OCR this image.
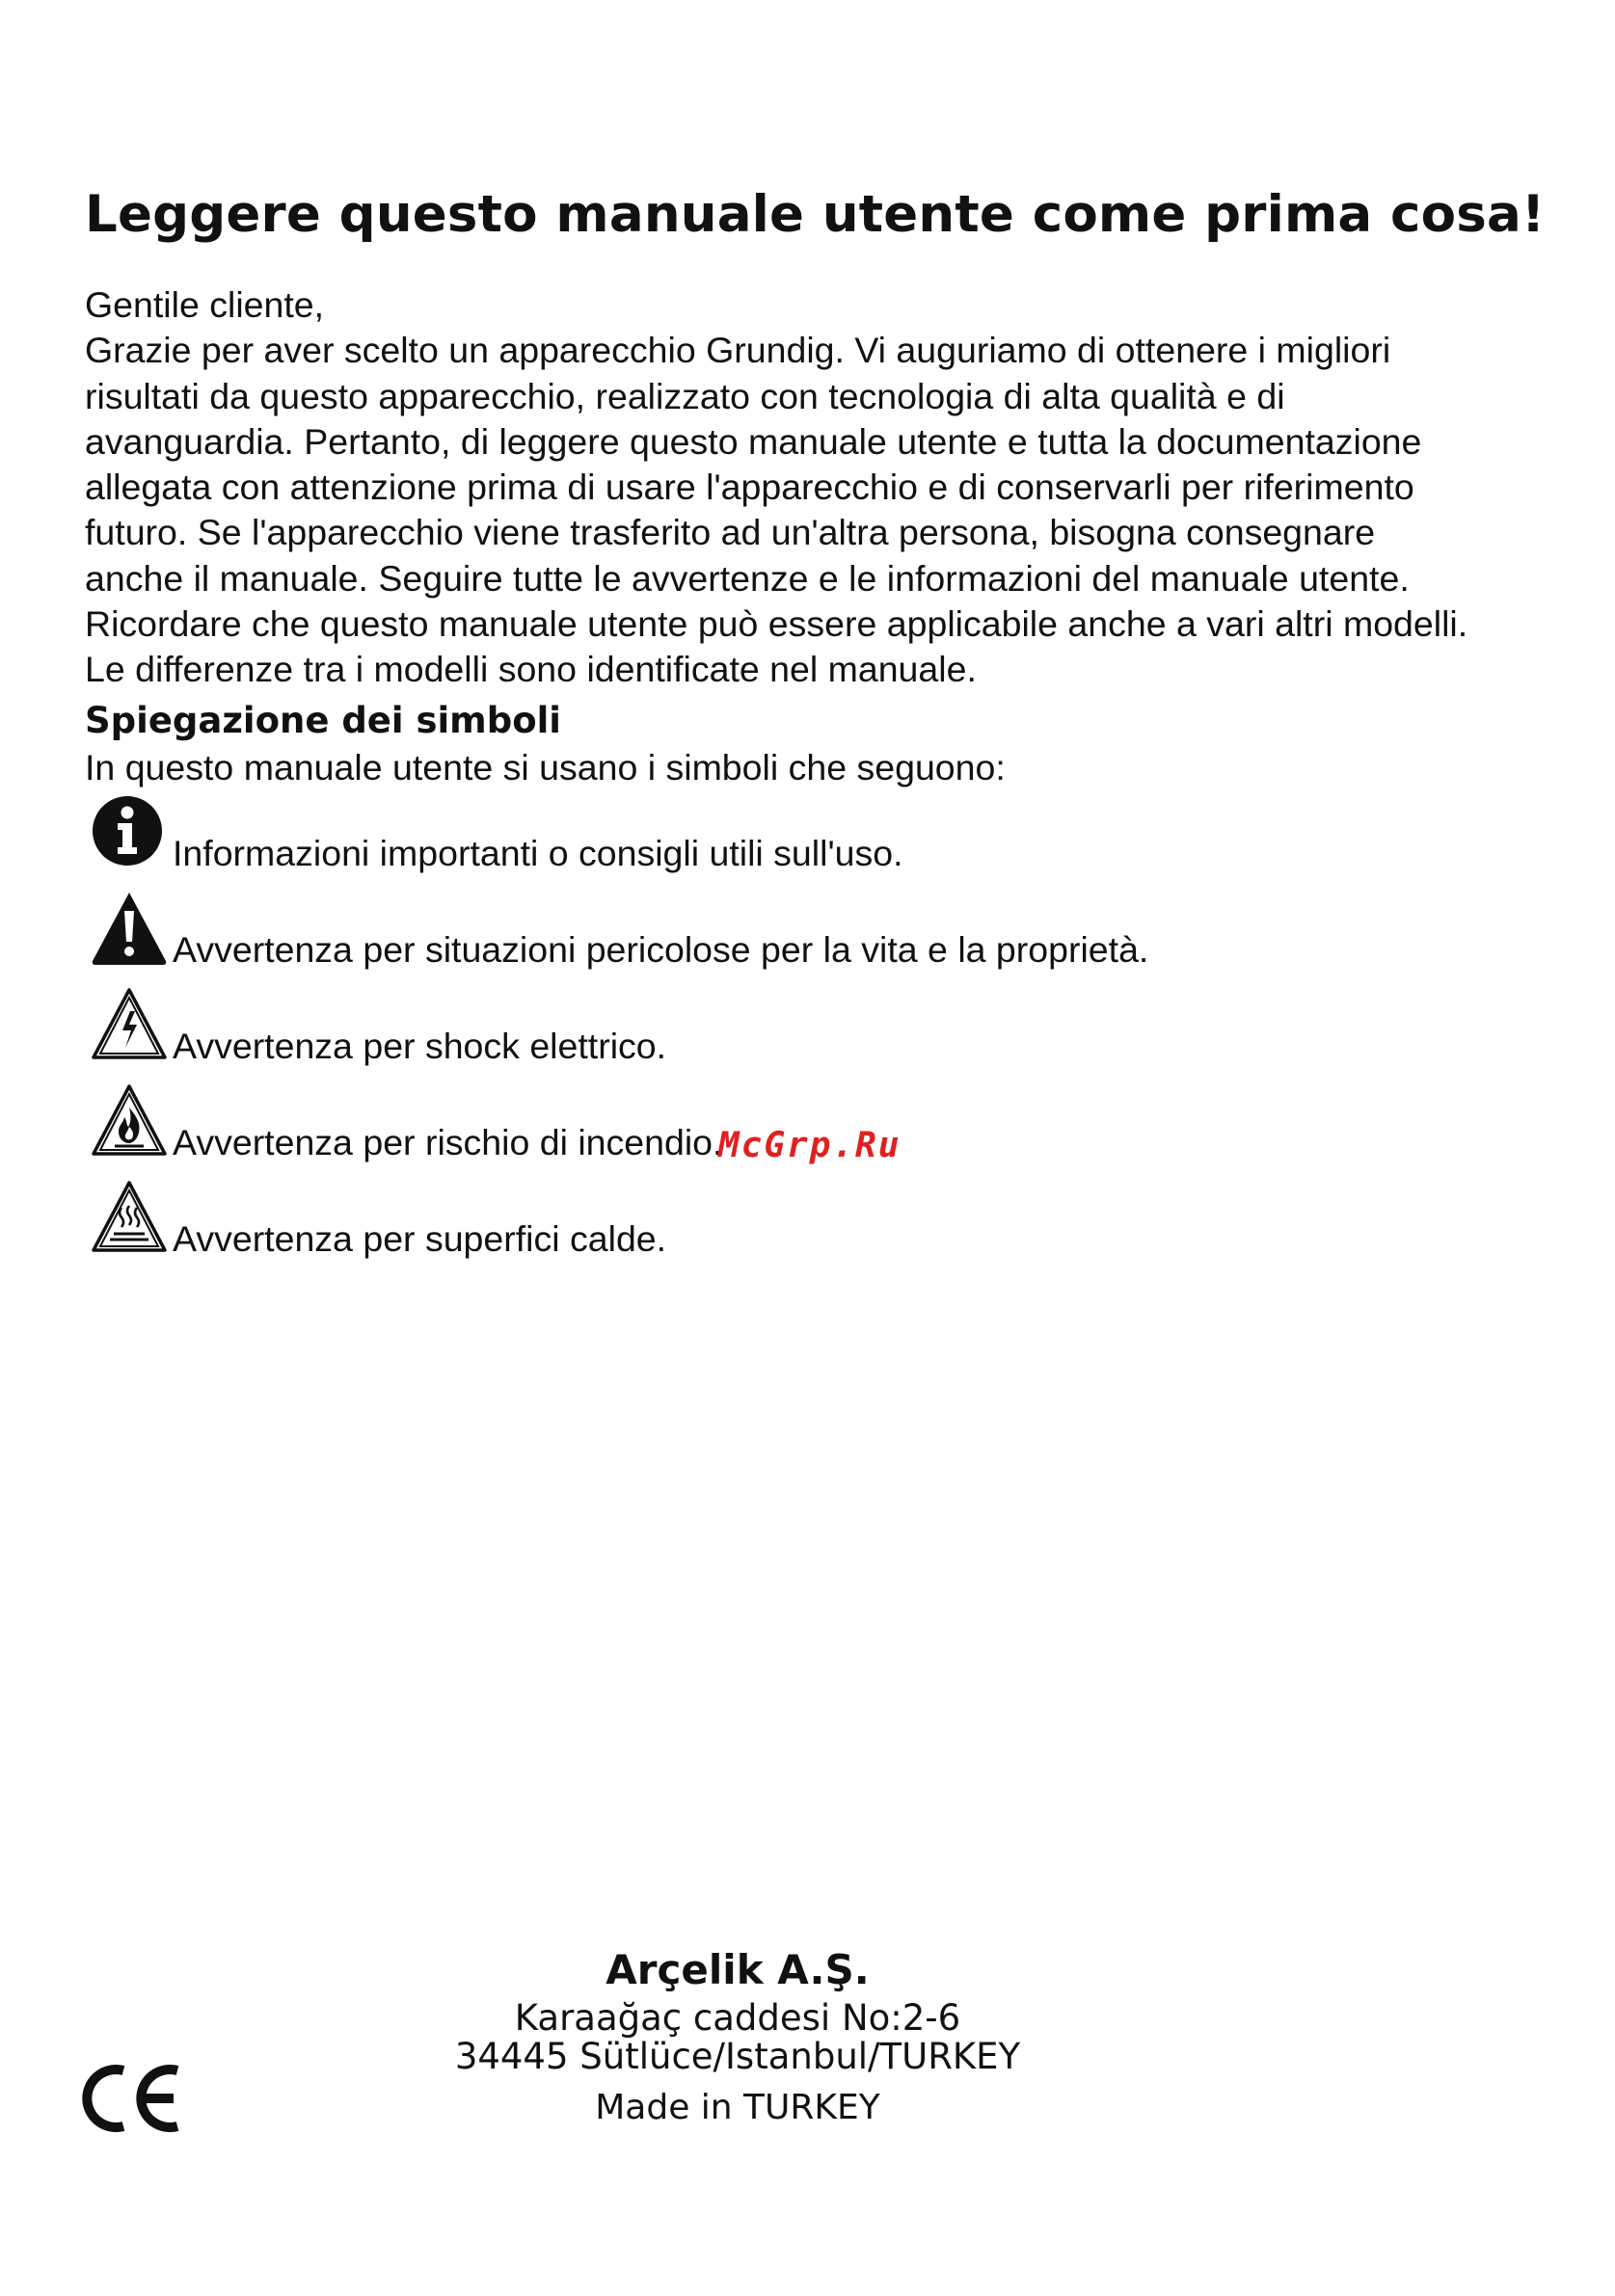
Leggere questo manuale utente come prima cosa!
Gentile cliente,
Grazie per aver scelto un apparecchio Grundig. Vi auguriamo di ottenere i migliori
risultati da questo apparecchio, realizzato con tecnologia di alta qualità e di
avanguardia. Pertanto, di leggere questo manuale utente e tutta la documentazione
allegata con attenzione prima di usare l'apparecchio e di conservarli per riferimento
futuro. Se l'apparecchio viene trasferito ad un'altra persona, bisogna consegnare
anche il manuale. Seguire tutte le avvertenze e le informazioni del manuale utente.
Ricordare che questo manuale utente può essere applicabile anche a vari altri modelli.
Le differenze tra i modelli sono identificate nel manuale.
Spiegazione dei simboli
In questo manuale utente si usano i simboli che seguono:
Informazioni importanti o consigli utili sull'uso.
Avvertenza per situazioni pericolose per la vita e la proprietà.
Avvertenza per shock elettrico.
Avvertenza per rischio di incendio.
Avvertenza per superfici calde.
McGrp.Ru
Arçelik A.Ş.
Karaağaç caddesi No:2-6
34445 Sütlüce/Istanbul/TURKEY
Made in TURKEY
